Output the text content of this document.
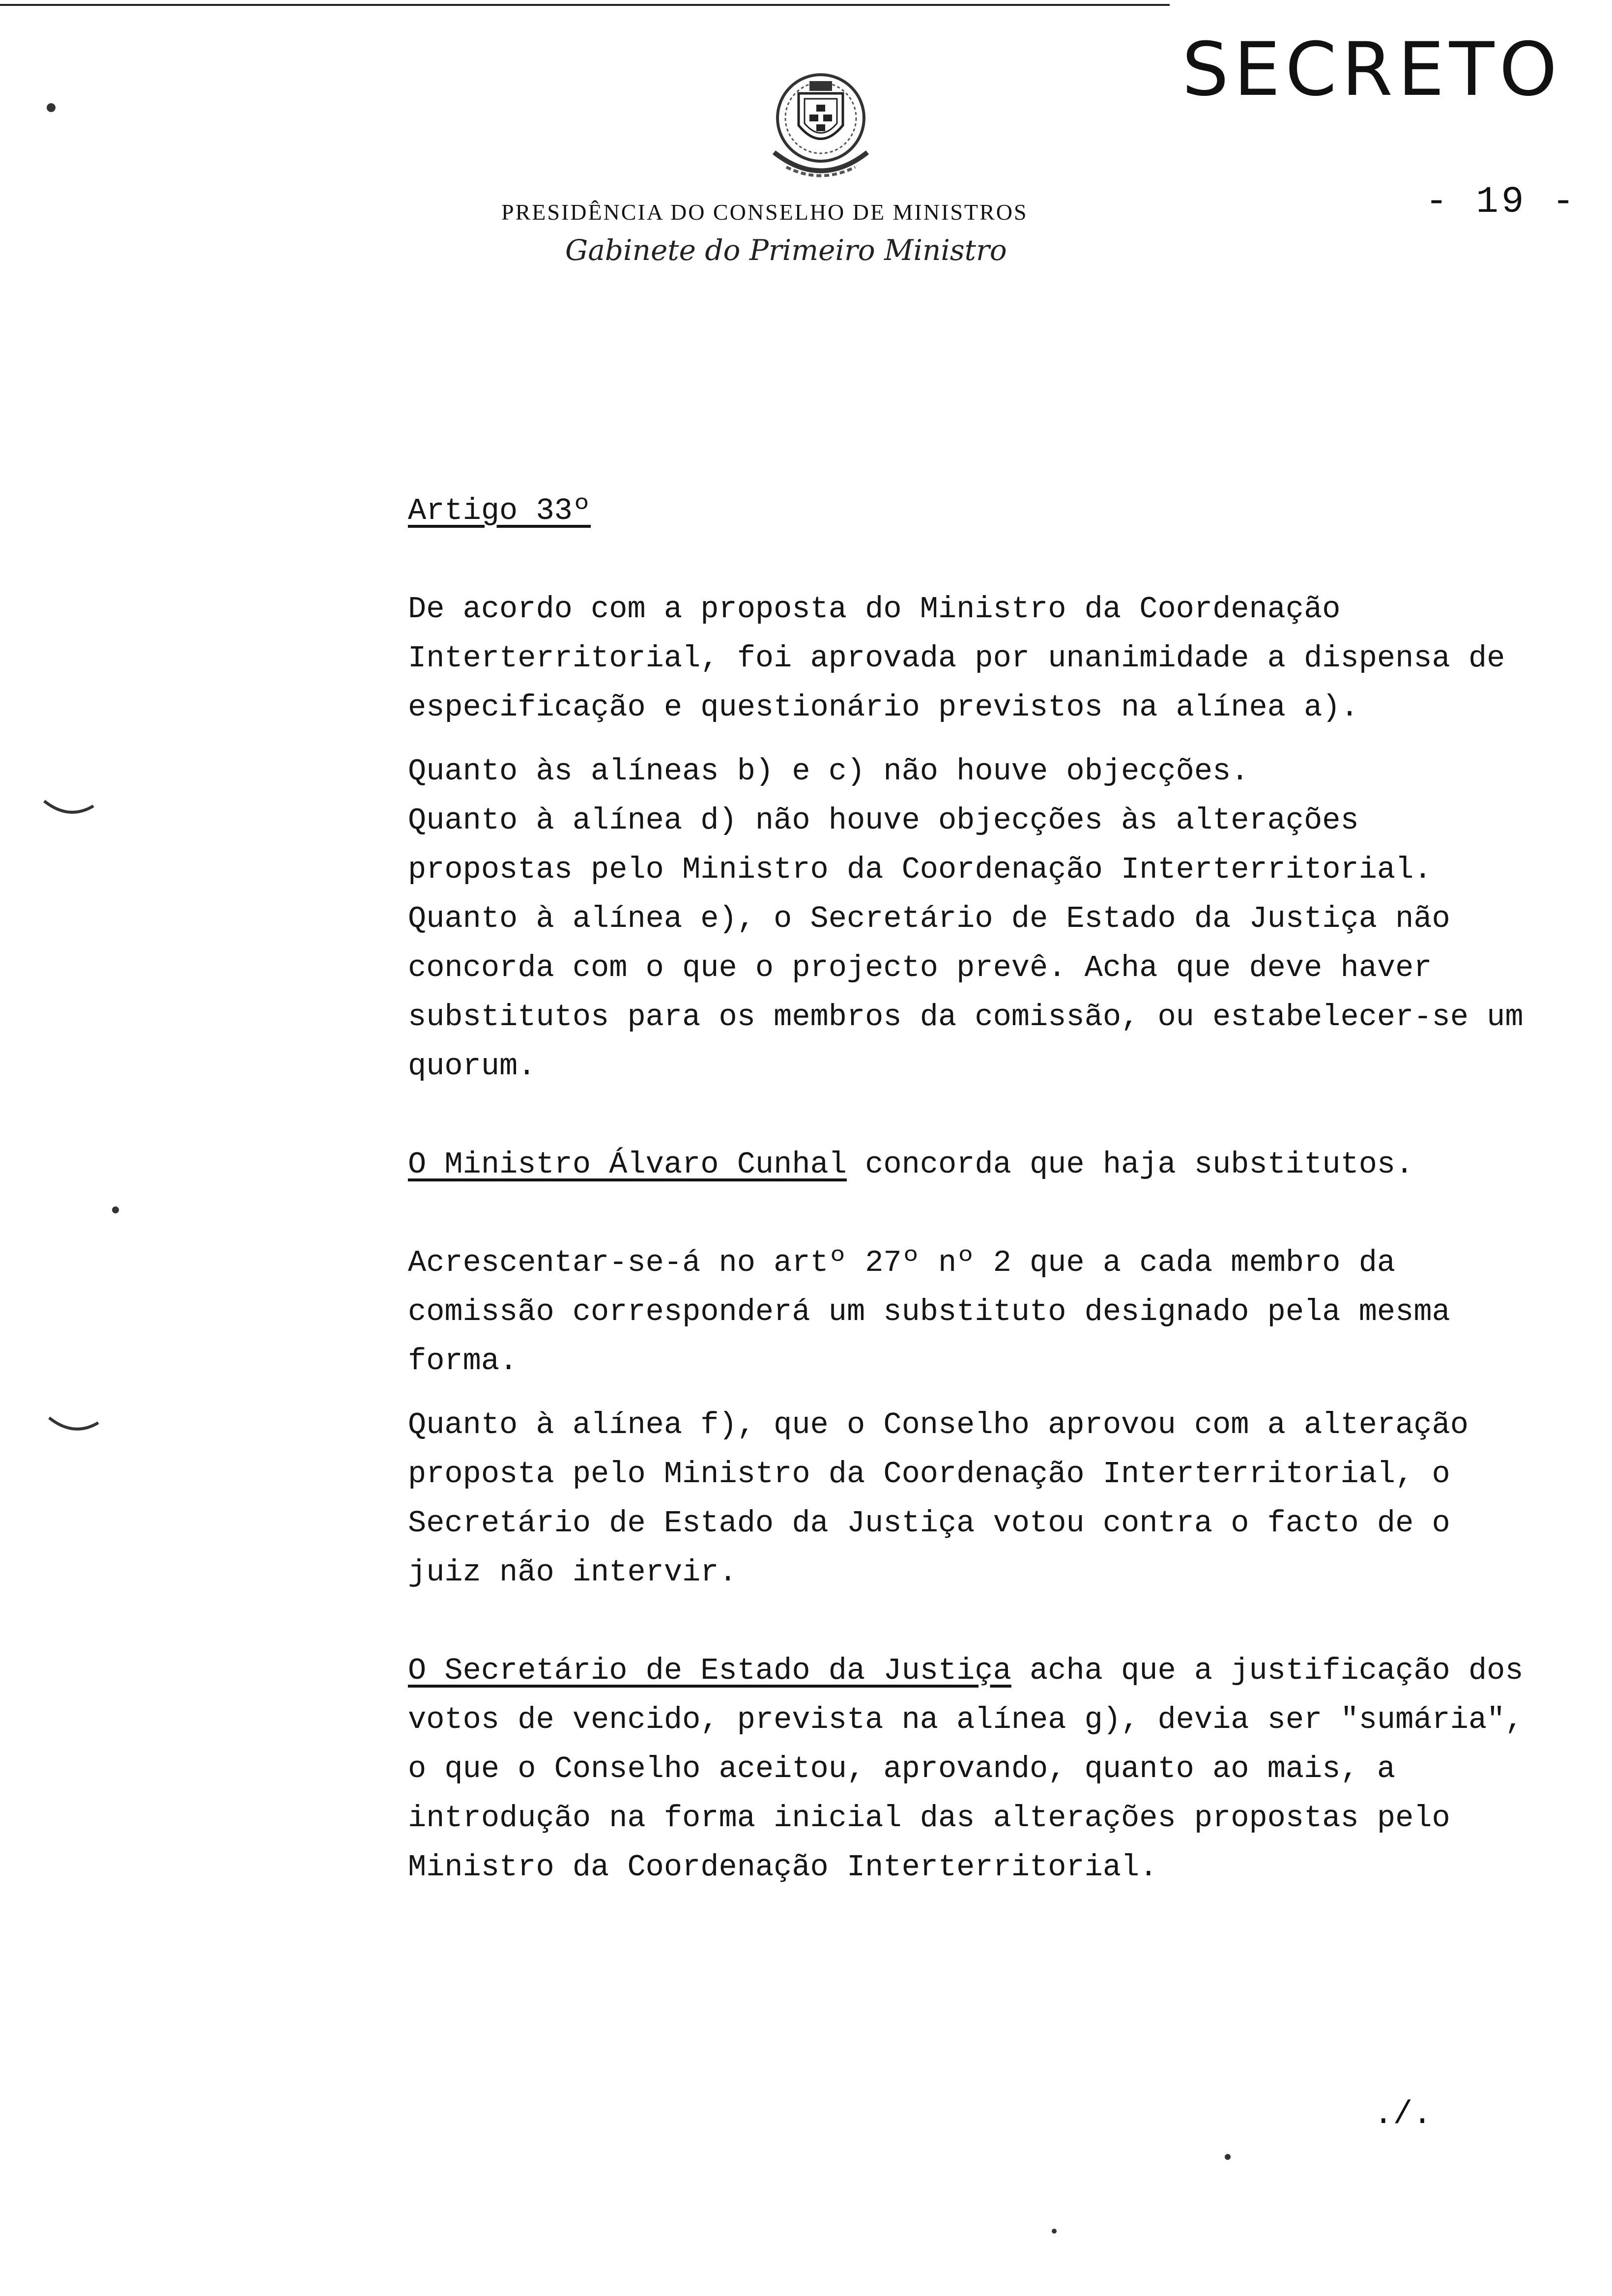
SECRETO
- 19 -
PRESIDÊNCIA DO CONSELHO DE MINISTROS
Gabinete do Primeiro Ministro

Artigo 33º

De acordo com a proposta do Ministro da Coordenação Interterritorial, foi aprovada por unanimidade a dispensa de especificação e questionário previstos na alínea a).

Quanto às alíneas b) e c) não houve objecções.

Quanto à alínea d) não houve objecções às alterações propostas pelo Ministro da Coordenação Interterritorial.

Quanto à alínea e), o Secretário de Estado da Justiça não concorda com o que o projecto prevê. Acha que deve haver substitutos para os membros da comissão, ou estabelecer-se um quorum.

O Ministro Álvaro Cunhal concorda que haja substitutos.

Acrescentar-se-á no artº 27º nº 2 que a cada membro da comissão corresponderá um substituto designado pela mesma forma.

Quanto à alínea f), que o Conselho aprovou com a alteração proposta pelo Ministro da Coordenação Interterritorial, o Secretário de Estado da Justiça votou contra o facto de o juiz não intervir.

O Secretário de Estado da Justiça acha que a justificação dos votos de vencido, prevista na alínea g), devia ser "sumária", o que o Conselho aceitou, aprovando, quanto ao mais, a introdução na forma inicial das alterações propostas pelo Ministro da Coordenação Interterritorial.

./.
